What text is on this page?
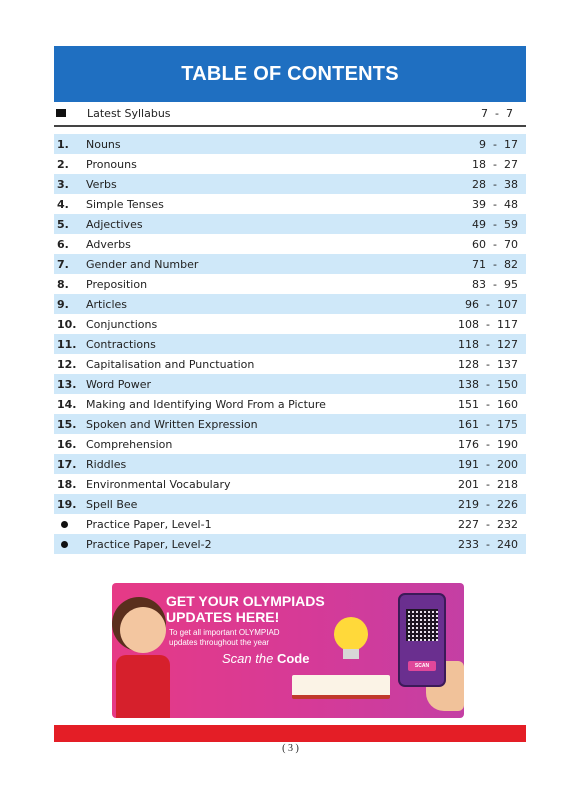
TABLE OF CONTENTS
Latest Syllabus	7  -  7
1.	Nouns	9  -  17
2.	Pronouns	18  -  27
3.	Verbs	28  -  38
4.	Simple Tenses	39  -  48
5.	Adjectives	49  -  59
6.	Adverbs	60  -  70
7.	Gender and Number	71  -  82
8.	Preposition	83  -  95
9.	Articles	96  -  107
10. Conjunctions	108  -  117
11. Contractions	118  -  127
12. Capitalisation and Punctuation	128  -  137
13. Word Power	138  -  150
14. Making and Identifying Word From a Picture	151  -  160
15. Spoken and Written Expression	161  -  175
16. Comprehension	176  -  190
17. Riddles	191  -  200
18. Environmental Vocabulary	201  -  218
19. Spell Bee	219  -  226
Practice Paper, Level-1	227  -  232
Practice Paper, Level-2	233  -  240
GET YOUR OLYMPIADS
UPDATES HERE!
To get all important OLYMPIAD
updates throughout the year
Scan the Code	SCAN
( 3 )
